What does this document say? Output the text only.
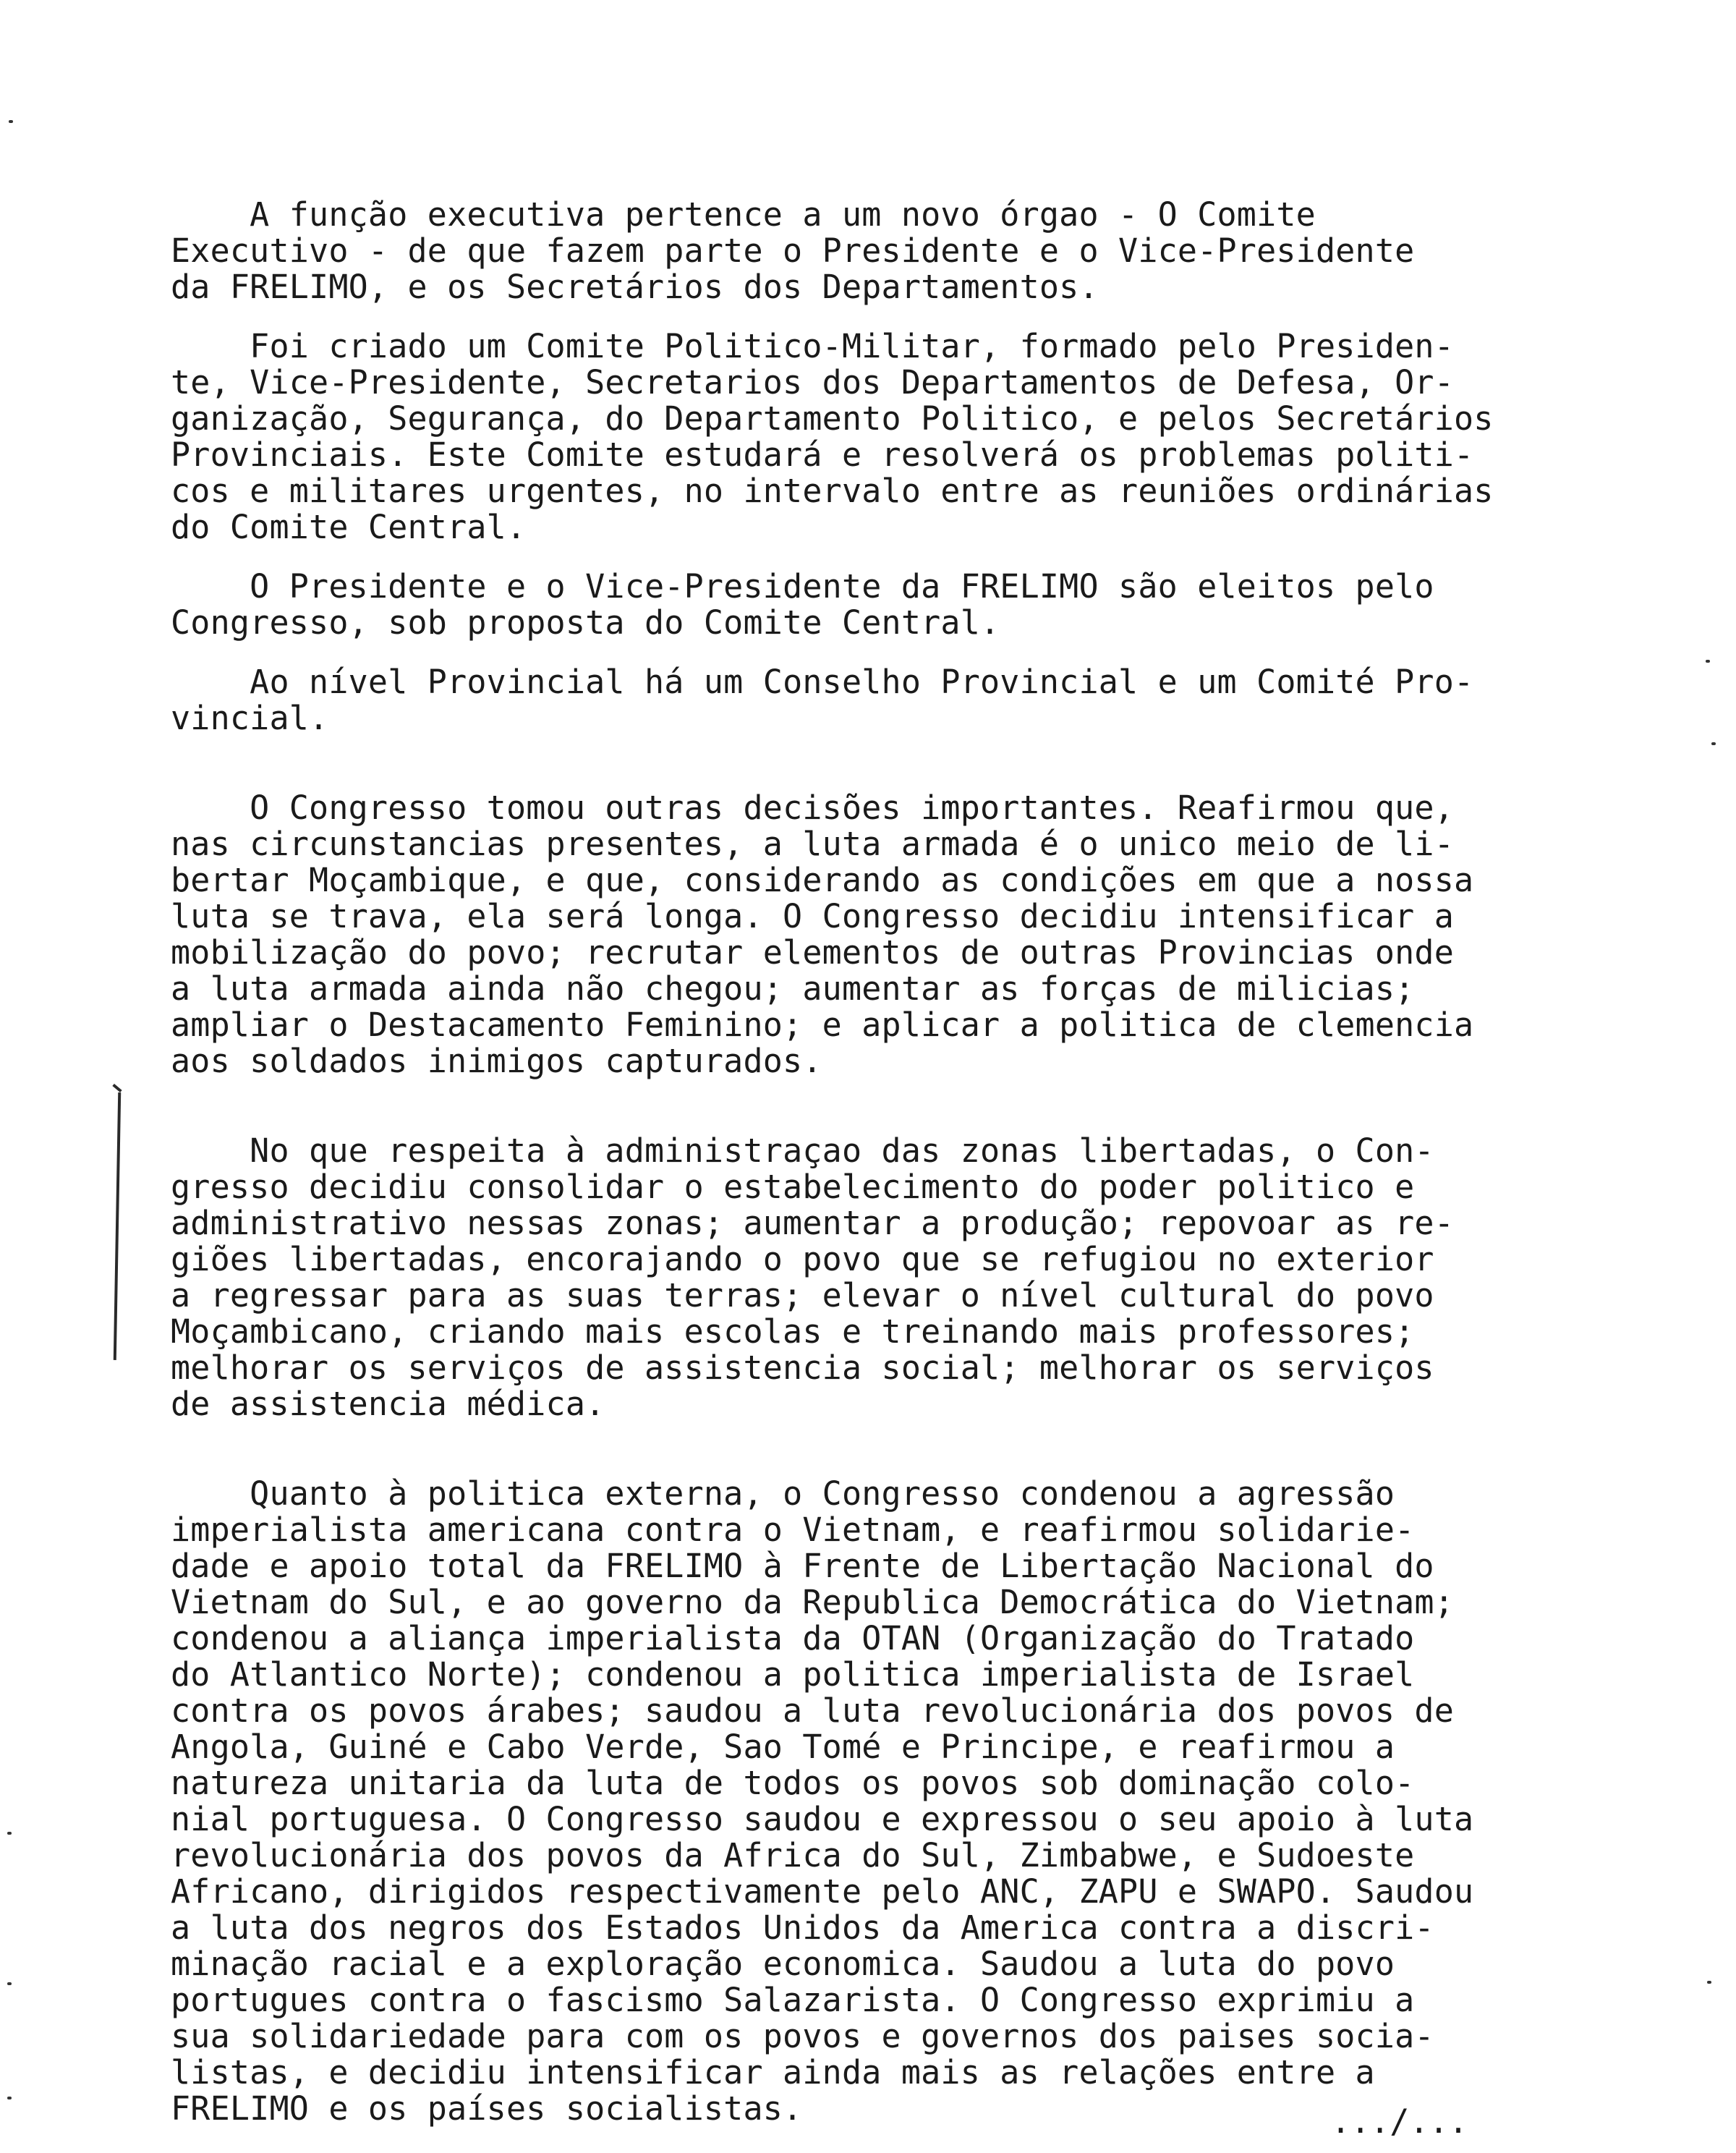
A função executiva pertence a um novo órgao - O Comite
Executivo - de que fazem parte o Presidente e o Vice-Presidente
da FRELIMO, e os Secretários dos Departamentos.

Foi criado um Comite Politico-Militar, formado pelo Presiden-
te, Vice-Presidente, Secretarios dos Departamentos de Defesa, Or-
ganização, Segurança, do Departamento Politico, e pelos Secretários
Provinciais. Este Comite estudará e resolverá os problemas politi-
cos e militares urgentes, no intervalo entre as reuniões ordinárias
do Comite Central.

O Presidente e o Vice-Presidente da FRELIMO são eleitos pelo
Congresso, sob proposta do Comite Central.

Ao nível Provincial há um Conselho Provincial e um Comité Pro-
vincial.

O Congresso tomou outras decisões importantes. Reafirmou que,
nas circunstancias presentes, a luta armada é o unico meio de li-
bertar Moçambique, e que, considerando as condições em que a nossa
luta se trava, ela será longa. O Congresso decidiu intensificar a
mobilização do povo; recrutar elementos de outras Provincias onde
a luta armada ainda não chegou; aumentar as forças de milicias;
ampliar o Destacamento Feminino; e aplicar a politica de clemencia
aos soldados inimigos capturados.

No que respeita à administraçao das zonas libertadas, o Con-
gresso decidiu consolidar o estabelecimento do poder politico e
administrativo nessas zonas; aumentar a produção; repovoar as re-
giões libertadas, encorajando o povo que se refugiou no exterior
a regressar para as suas terras; elevar o nível cultural do povo
Moçambicano, criando mais escolas e treinando mais professores;
melhorar os serviços de assistencia social; melhorar os serviços
de assistencia médica.

Quanto à politica externa, o Congresso condenou a agressão
imperialista americana contra o Vietnam, e reafirmou solidarie-
dade e apoio total da FRELIMO à Frente de Libertação Nacional do
Vietnam do Sul, e ao governo da Republica Democrática do Vietnam;
condenou a aliança imperialista da OTAN (Organização do Tratado
do Atlantico Norte); condenou a politica imperialista de Israel
contra os povos árabes; saudou a luta revolucionária dos povos de
Angola, Guiné e Cabo Verde, Sao Tomé e Principe, e reafirmou a
natureza unitaria da luta de todos os povos sob dominação colo-
nial portuguesa. O Congresso saudou e expressou o seu apoio à luta
revolucionária dos povos da Africa do Sul, Zimbabwe, e Sudoeste
Africano, dirigidos respectivamente pelo ANC, ZAPU e SWAPO. Saudou
a luta dos negros dos Estados Unidos da America contra a discri-
minação racial e a exploração economica. Saudou a luta do povo
portugues contra o fascismo Salazarista. O Congresso exprimiu a
sua solidariedade para com os povos e governos dos paises socia-
listas, e decidiu intensificar ainda mais as relações entre a
FRELIMO e os países socialistas.	.../...
